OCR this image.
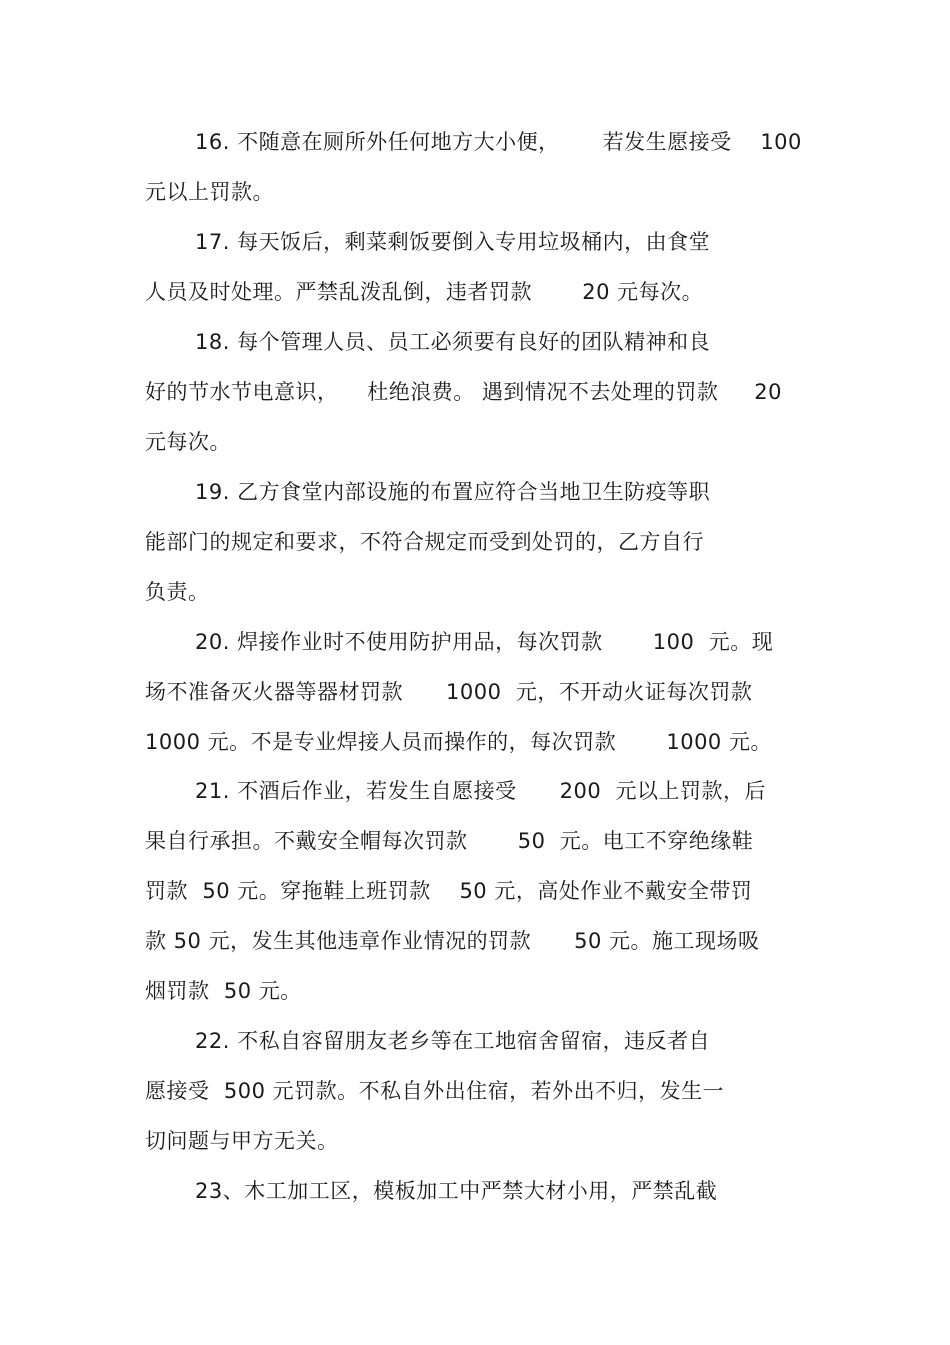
16. 不随意在厕所外任何地方大小便，      若发生愿接受    100
元以上罚款。
17. 每天饭后，剩菜剩饭要倒入专用垃圾桶内，由食堂
人员及时处理。严禁乱泼乱倒，违者罚款       20 元每次。
18. 每个管理人员、员工必须要有良好的团队精神和良
好的节水节电意识，    杜绝浪费。 遇到情况不去处理的罚款     20
元每次。
19. 乙方食堂内部设施的布置应符合当地卫生防疫等职
能部门的规定和要求，不符合规定而受到处罚的，乙方自行
负责。
20. 焊接作业时不使用防护用品，每次罚款       100  元。现
场不准备灭火器等器材罚款      1000  元，不开动火证每次罚款
1000 元。不是专业焊接人员而操作的，每次罚款       1000 元。
21. 不酒后作业，若发生自愿接受      200  元以上罚款，后
果自行承担。不戴安全帽每次罚款       50  元。电工不穿绝缘鞋
罚款  50 元。穿拖鞋上班罚款    50 元，高处作业不戴安全带罚
款 50 元，发生其他违章作业情况的罚款      50 元。施工现场吸
烟罚款  50 元。
22. 不私自容留朋友老乡等在工地宿舍留宿，违反者自
愿接受  500 元罚款。不私自外出住宿，若外出不归，发生一
切问题与甲方无关。
23、木工加工区，模板加工中严禁大材小用，严禁乱截
